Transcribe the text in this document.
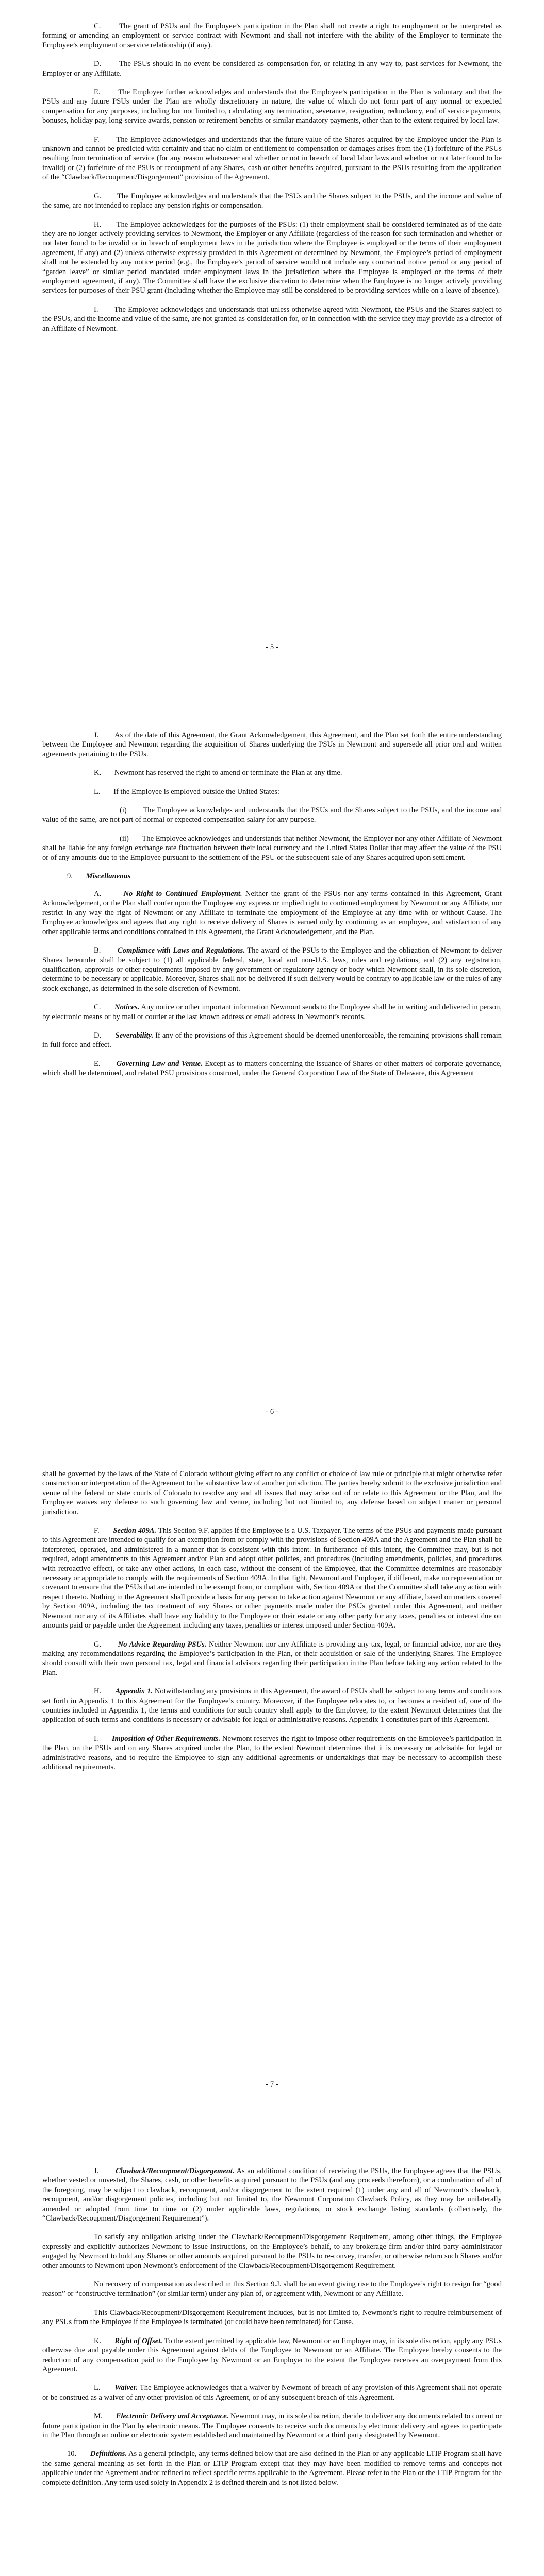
C. The grant of PSUs and the Employee’s participation in the Plan shall not create a right to employment or be interpreted as forming or amending an employment or service contract with Newmont and shall not interfere with the ability of the Employer to terminate the Employee’s employment or service relationship (if any).

D. The PSUs should in no event be considered as compensation for, or relating in any way to, past services for Newmont, the Employer or any Affiliate.

E. The Employee further acknowledges and understands that the Employee’s participation in the Plan is voluntary and that the PSUs and any future PSUs under the Plan are wholly discretionary in nature, the value of which do not form part of any normal or expected compensation for any purposes, including but not limited to, calculating any termination, severance, resignation, redundancy, end of service payments, bonuses, holiday pay, long-service awards, pension or retirement benefits or similar mandatory payments, other than to the extent required by local law.

F. The Employee acknowledges and understands that the future value of the Shares acquired by the Employee under the Plan is unknown and cannot be predicted with certainty and that no claim or entitlement to compensation or damages arises from the (1) forfeiture of the PSUs resulting from termination of service (for any reason whatsoever and whether or not in breach of local labor laws and whether or not later found to be invalid) or (2) forfeiture of the PSUs or recoupment of any Shares, cash or other benefits acquired, pursuant to the PSUs resulting from the application of the “Clawback/Recoupment/Disgorgement” provision of the Agreement.

G. The Employee acknowledges and understands that the PSUs and the Shares subject to the PSUs, and the income and value of the same, are not intended to replace any pension rights or compensation.

H. The Employee acknowledges for the purposes of the PSUs: (1) their employment shall be considered terminated as of the date they are no longer actively providing services to Newmont, the Employer or any Affiliate (regardless of the reason for such termination and whether or not later found to be invalid or in breach of employment laws in the jurisdiction where the Employee is employed or the terms of their employment agreement, if any) and (2) unless otherwise expressly provided in this Agreement or determined by Newmont, the Employee’s period of employment shall not be extended by any notice period (e.g., the Employee’s period of service would not include any contractual notice period or any period of “garden leave” or similar period mandated under employment laws in the jurisdiction where the Employee is employed or the terms of their employment agreement, if any). The Committee shall have the exclusive discretion to determine when the Employee is no longer actively providing services for purposes of their PSU grant (including whether the Employee may still be considered to be providing services while on a leave of absence).

I. The Employee acknowledges and understands that unless otherwise agreed with Newmont, the PSUs and the Shares subject to the PSUs, and the income and value of the same, are not granted as consideration for, or in connection with the service they may provide as a director of an Affiliate of Newmont.

- 5 -

J. As of the date of this Agreement, the Grant Acknowledgement, this Agreement, and the Plan set forth the entire understanding between the Employee and Newmont regarding the acquisition of Shares underlying the PSUs in Newmont and supersede all prior oral and written agreements pertaining to the PSUs.

K. Newmont has reserved the right to amend or terminate the Plan at any time.

L. If the Employee is employed outside the United States:

(i) The Employee acknowledges and understands that the PSUs and the Shares subject to the PSUs, and the income and value of the same, are not part of normal or expected compensation salary for any purpose.

(ii) The Employee acknowledges and understands that neither Newmont, the Employer nor any other Affiliate of Newmont shall be liable for any foreign exchange rate fluctuation between their local currency and the United States Dollar that may affect the value of the PSU or of any amounts due to the Employee pursuant to the settlement of the PSU or the subsequent sale of any Shares acquired upon settlement.

9. Miscellaneous

A.	No Right to Continued Employment. Neither the grant of the PSUs nor any terms contained in this Agreement, Grant Acknowledgement, or the Plan shall confer upon the Employee any express or implied right to continued employment by Newmont or any Affiliate, nor restrict in any way the right of Newmont or any Affiliate to terminate the employment of the Employee at any time with or without Cause. The Employee acknowledges and agrees that any right to receive delivery of Shares is earned only by continuing as an employee, and satisfaction of any other applicable terms and conditions contained in this Agreement, the Grant Acknowledgement, and the Plan.

B. Compliance with Laws and Regulations. The award of the PSUs to the Employee and the obligation of Newmont to deliver Shares hereunder shall be subject to (1) all applicable federal, state, local and non-U.S. laws, rules and regulations, and (2) any registration, qualification, approvals or other requirements imposed by any government or regulatory agency or body which Newmont shall, in its sole discretion, determine to be necessary or applicable. Moreover, Shares shall not be delivered if such delivery would be contrary to applicable law or the rules of any stock exchange, as determined in the sole discretion of Newmont.

C. Notices. Any notice or other important information Newmont sends to the Employee shall be in writing and delivered in person, by electronic means or by mail or courier at the last known address or email address in Newmont’s records.

D. Severability. If any of the provisions of this Agreement should be deemed unenforceable, the remaining provisions shall remain in full force and effect.

E. Governing Law and Venue. Except as to matters concerning the issuance of Shares or other matters of corporate governance, which shall be determined, and related PSU provisions construed, under the General Corporation Law of the State of Delaware, this Agreement

- 6 -

shall be governed by the laws of the State of Colorado without giving effect to any conflict or choice of law rule or principle that might otherwise refer construction or interpretation of the Agreement to the substantive law of another jurisdiction. The parties hereby submit to the exclusive jurisdiction and venue of the federal or state courts of Colorado to resolve any and all issues that may arise out of or relate to this Agreement or the Plan, and the Employee waives any defense to such governing law and venue, including but not limited to, any defense based on subject matter or personal jurisdiction.

F. Section 409A. This Section 9.F. applies if the Employee is a U.S. Taxpayer. The terms of the PSUs and payments made pursuant to this Agreement are intended to qualify for an exemption from or comply with the provisions of Section 409A and the Agreement and the Plan shall be interpreted, operated, and administered in a manner that is consistent with this intent. In furtherance of this intent, the Committee may, but is not required, adopt amendments to this Agreement and/or Plan and adopt other policies, and procedures (including amendments, policies, and procedures with retroactive effect), or take any other actions, in each case, without the consent of the Employee, that the Committee determines are reasonably necessary or appropriate to comply with the requirements of Section 409A. In that light, Newmont and Employer, if different, make no representation or covenant to ensure that the PSUs that are intended to be exempt from, or compliant with, Section 409A or that the Committee shall take any action with respect thereto. Nothing in the Agreement shall provide a basis for any person to take action against Newmont or any affiliate, based on matters covered by Section 409A, including the tax treatment of any Shares or other payments made under the PSUs granted under this Agreement, and neither Newmont nor any of its Affiliates shall have any liability to the Employee or their estate or any other party for any taxes, penalties or interest due on amounts paid or payable under the Agreement including any taxes, penalties or interest imposed under Section 409A.

G. No Advice Regarding PSUs. Neither Newmont nor any Affiliate is providing any tax, legal, or financial advice, nor are they making any recommendations regarding the Employee’s participation in the Plan, or their acquisition or sale of the underlying Shares. The Employee should consult with their own personal tax, legal and financial advisors regarding their participation in the Plan before taking any action related to the Plan.

H. Appendix 1. Notwithstanding any provisions in this Agreement, the award of PSUs shall be subject to any terms and conditions set forth in Appendix 1 to this Agreement for the Employee’s country. Moreover, if the Employee relocates to, or becomes a resident of, one of the countries included in Appendix 1, the terms and conditions for such country shall apply to the Employee, to the extent Newmont determines that the application of such terms and conditions is necessary or advisable for legal or administrative reasons. Appendix 1 constitutes part of this Agreement.

I. Imposition of Other Requirements. Newmont reserves the right to impose other requirements on the Employee’s participation in the Plan, on the PSUs and on any Shares acquired under the Plan, to the extent Newmont determines that it is necessary or advisable for legal or administrative reasons, and to require the Employee to sign any additional agreements or undertakings that may be necessary to accomplish these additional requirements.

- 7 -

J. Clawback/Recoupment/Disgorgement. As an additional condition of receiving the PSUs, the Employee agrees that the PSUs, whether vested or unvested, the Shares, cash, or other benefits acquired pursuant to the PSUs (and any proceeds therefrom), or a combination of all of the foregoing, may be subject to clawback, recoupment, and/or disgorgement to the extent required (1) under any and all of Newmont’s clawback, recoupment, and/or disgorgement policies, including but not limited to, the Newmont Corporation Clawback Policy, as they may be unilaterally amended or adopted from time to time or (2) under applicable laws, regulations, or stock exchange listing standards (collectively, the “Clawback/Recoupment/Disgorgement Requirement”).

To satisfy any obligation arising under the Clawback/Recoupment/Disgorgement Requirement, among other things, the Employee expressly and explicitly authorizes Newmont to issue instructions, on the Employee’s behalf, to any brokerage firm and/or third party administrator engaged by Newmont to hold any Shares or other amounts acquired pursuant to the PSUs to re-convey, transfer, or otherwise return such Shares and/or other amounts to Newmont upon Newmont’s enforcement of the Clawback/Recoupment/Disgorgement Requirement.

No recovery of compensation as described in this Section 9.J. shall be an event giving rise to the Employee’s right to resign for “good reason” or “constructive termination” (or similar term) under any plan of, or agreement with, Newmont or any Affiliate.

This Clawback/Recoupment/Disgorgement Requirement includes, but is not limited to, Newmont’s right to require reimbursement of any PSUs from the Employee if the Employee is terminated (or could have been terminated) for Cause.

K. Right of Offset. To the extent permitted by applicable law, Newmont or an Employer may, in its sole discretion, apply any PSUs otherwise due and payable under this Agreement against debts of the Employee to Newmont or an Affiliate. The Employee hereby consents to the reduction of any compensation paid to the Employee by Newmont or an Employer to the extent the Employee receives an overpayment from this Agreement.

L. Waiver. The Employee acknowledges that a waiver by Newmont of breach of any provision of this Agreement shall not operate or be construed as a waiver of any other provision of this Agreement, or of any subsequent breach of this Agreement.

M. Electronic Delivery and Acceptance. Newmont may, in its sole discretion, decide to deliver any documents related to current or future participation in the Plan by electronic means. The Employee consents to receive such documents by electronic delivery and agrees to participate in the Plan through an online or electronic system established and maintained by Newmont or a third party designated by Newmont.

10. Definitions. As a general principle, any terms defined below that are also defined in the Plan or any applicable LTIP Program shall have the same general meaning as set forth in the Plan or LTIP Program except that they may have been modified to remove terms and concepts not applicable under the Agreement and/or refined to reflect specific terms applicable to the Agreement. Please refer to the Plan or the LTIP Program for the complete definition. Any term used solely in Appendix 2 is defined therein and is not listed below.
